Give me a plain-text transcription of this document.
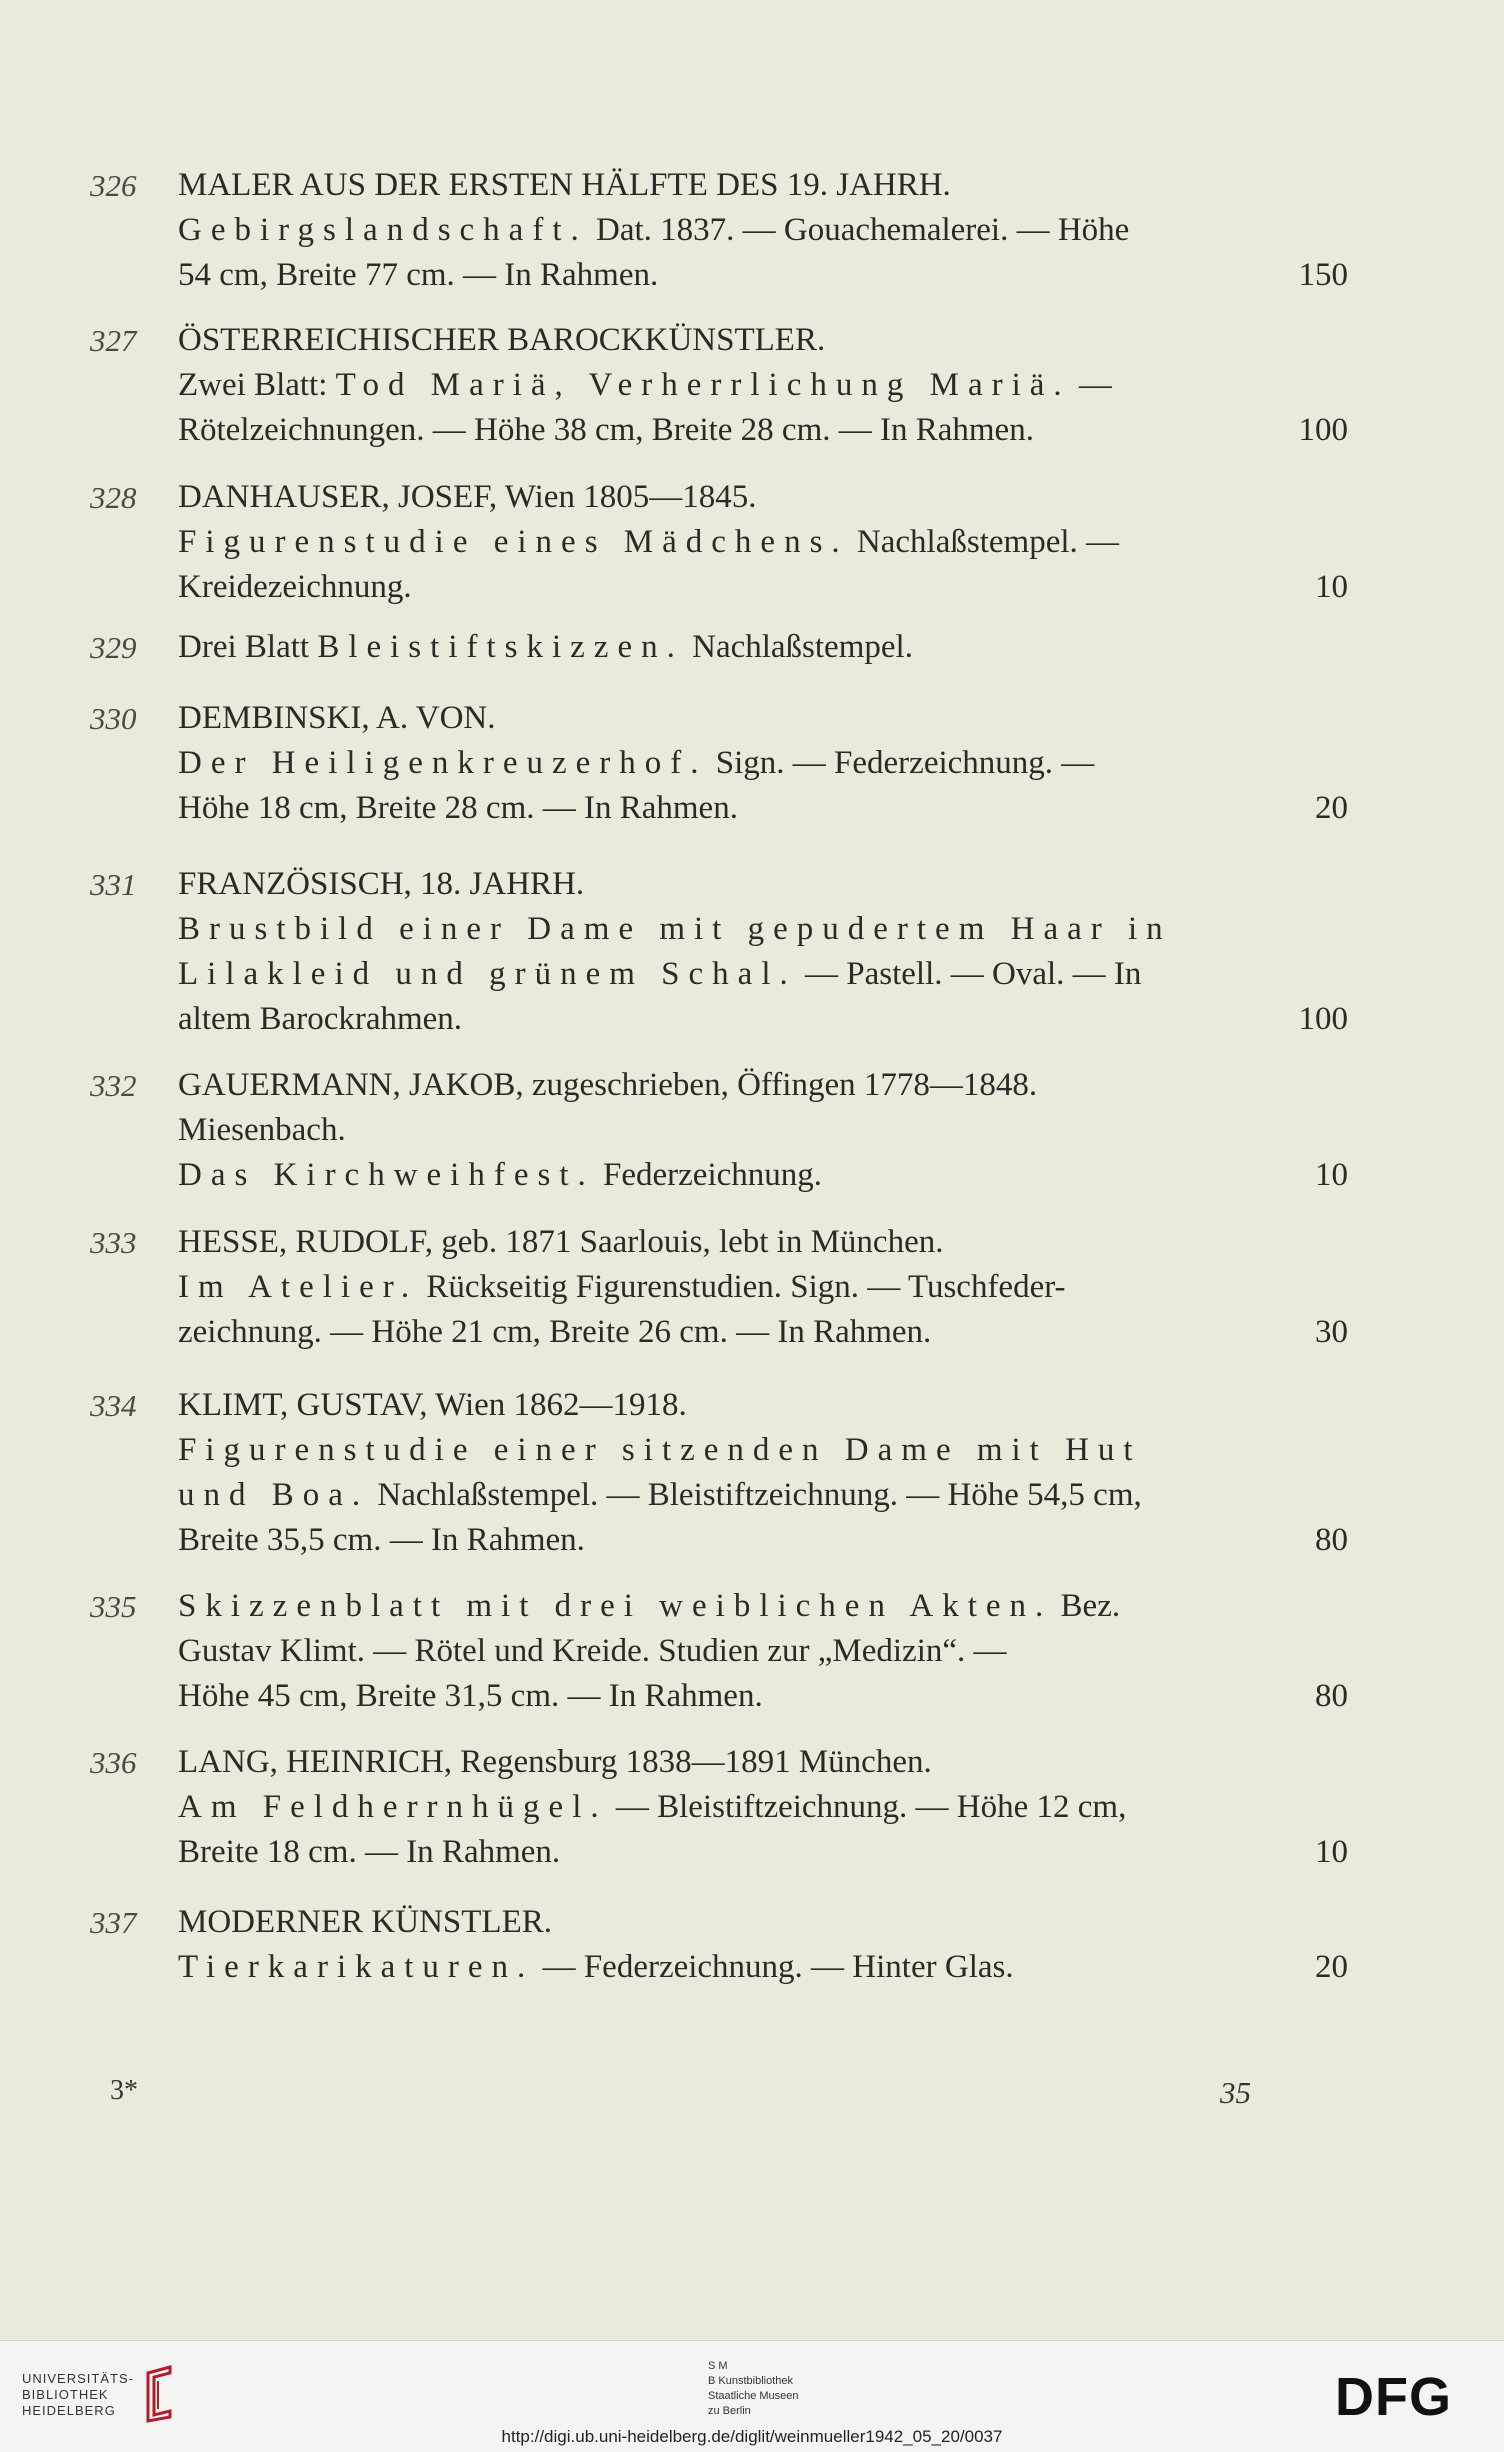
326	MALER AUS DER ERSTEN HÄLFTE DES 19. JAHRH.
Gebirgslandschaft. Dat. 1837. — Gouachemalerei. — Höhe
54 cm, Breite 77 cm. — In Rahmen.	150
327	ÖSTERREICHISCHER BAROCKKÜNSTLER.
Zwei Blatt: Tod Mariä, Verherrlichung Mariä. —
Rötelzeichnungen. — Höhe 38 cm, Breite 28 cm. — In Rahmen.	100
328	DANHAUSER, JOSEF, Wien 1805—1845.
Figurenstudie eines Mädchens. Nachlaßstempel. —
Kreidezeichnung.	10
329	Drei Blatt Bleistiftskizzen. Nachlaßstempel.
330	DEMBINSKI, A. VON.
Der Heiligenkreuzerhof. Sign. — Federzeichnung. —
Höhe 18 cm, Breite 28 cm. — In Rahmen.	20
331	FRANZÖSISCH, 18. JAHRH.
Brustbild einer Dame mit gepudertem Haar in
Lilakleid und grünem Schal. — Pastell. — Oval. — In
altem Barockrahmen.	100
332	GAUERMANN, JAKOB, zugeschrieben, Öffingen 1778—1848.
Miesenbach.
Das Kirchweihfest. Federzeichnung.	10
333	HESSE, RUDOLF, geb. 1871 Saarlouis, lebt in München.
Im Atelier. Rückseitig Figurenstudien. Sign. — Tuschfeder-
zeichnung. — Höhe 21 cm, Breite 26 cm. — In Rahmen.	30
334	KLIMT, GUSTAV, Wien 1862—1918.
Figurenstudie einer sitzenden Dame mit Hut
und Boa. Nachlaßstempel. — Bleistiftzeichnung. — Höhe 54,5 cm,
Breite 35,5 cm. — In Rahmen.	80
335	Skizzenblatt mit drei weiblichen Akten. Bez.
Gustav Klimt. — Rötel und Kreide. Studien zur „Medizin“. —
Höhe 45 cm, Breite 31,5 cm. — In Rahmen.	80
336	LANG, HEINRICH, Regensburg 1838—1891 München.
Am Feldherrnhügel. — Bleistiftzeichnung. — Höhe 12 cm,
Breite 18 cm. — In Rahmen.	10
337	MODERNER KÜNSTLER.
Tierkarikaturen. — Federzeichnung. — Hinter Glas.	20
3*	35
UNIVERSITÄTS-
BIBLIOTHEK
HEIDELBERG
S M
B Kunstbibliothek
Staatliche Museen
zu Berlin	DFG
http://digi.ub.uni-heidelberg.de/diglit/weinmueller1942_05_20/0037
